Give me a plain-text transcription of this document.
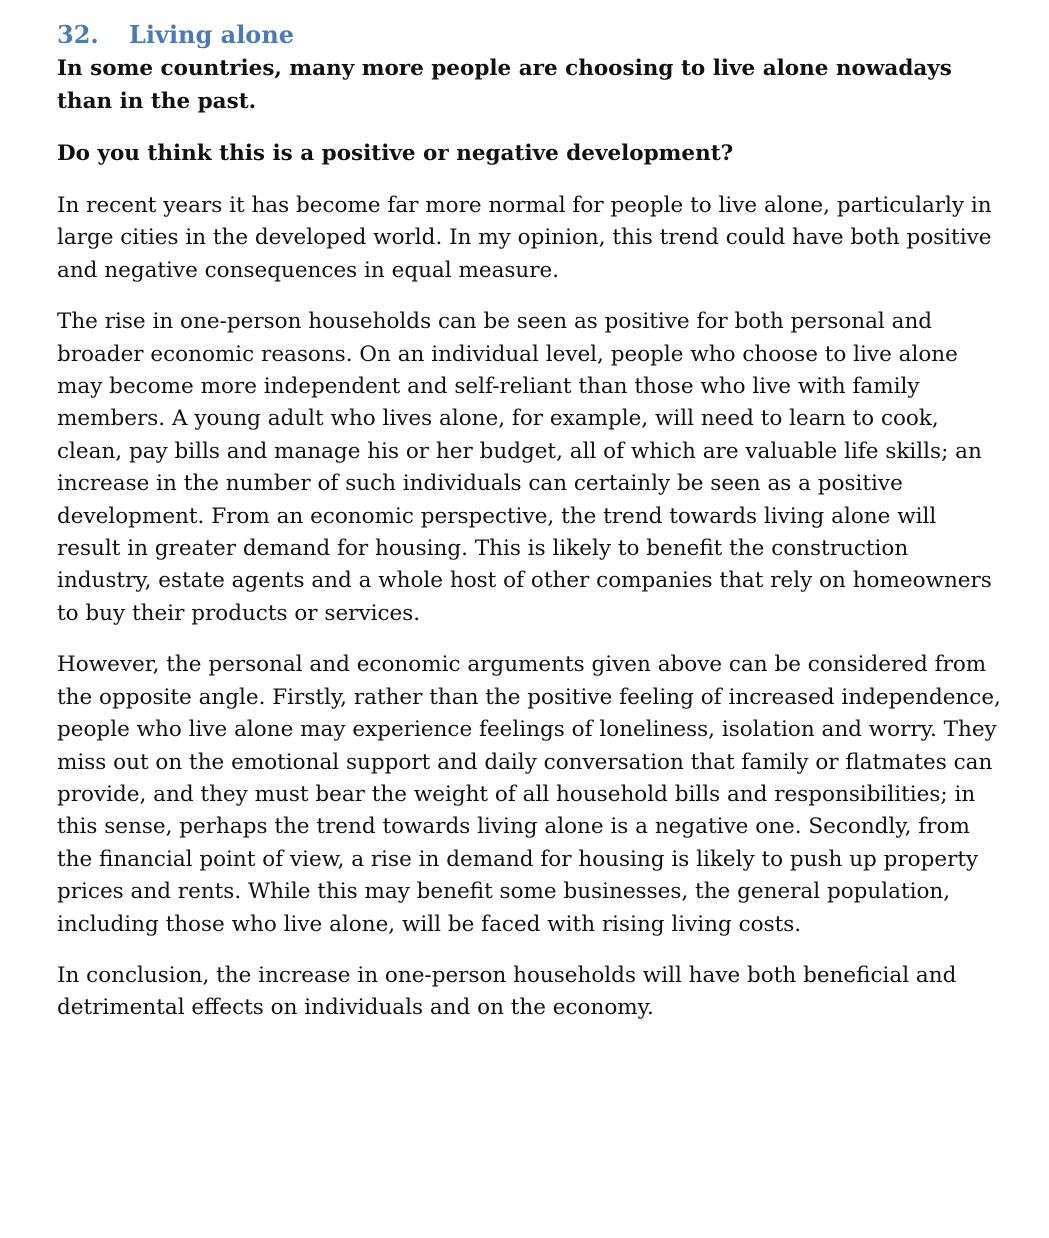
32. Living alone

In some countries, many more people are choosing to live alone nowadays than in the past.

Do you think this is a positive or negative development?

In recent years it has become far more normal for people to live alone, particularly in large cities in the developed world. In my opinion, this trend could have both positive and negative consequences in equal measure.

The rise in one-person households can be seen as positive for both personal and broader economic reasons. On an individual level, people who choose to live alone may become more independent and self-reliant than those who live with family members. A young adult who lives alone, for example, will need to learn to cook, clean, pay bills and manage his or her budget, all of which are valuable life skills; an increase in the number of such individuals can certainly be seen as a positive development. From an economic perspective, the trend towards living alone will result in greater demand for housing. This is likely to benefit the construction industry, estate agents and a whole host of other companies that rely on homeowners to buy their products or services.

However, the personal and economic arguments given above can be considered from the opposite angle. Firstly, rather than the positive feeling of increased independence, people who live alone may experience feelings of loneliness, isolation and worry. They miss out on the emotional support and daily conversation that family or flatmates can provide, and they must bear the weight of all household bills and responsibilities; in this sense, perhaps the trend towards living alone is a negative one. Secondly, from the financial point of view, a rise in demand for housing is likely to push up property prices and rents. While this may benefit some businesses, the general population, including those who live alone, will be faced with rising living costs.

In conclusion, the increase in one-person households will have both beneficial and detrimental effects on individuals and on the economy.
